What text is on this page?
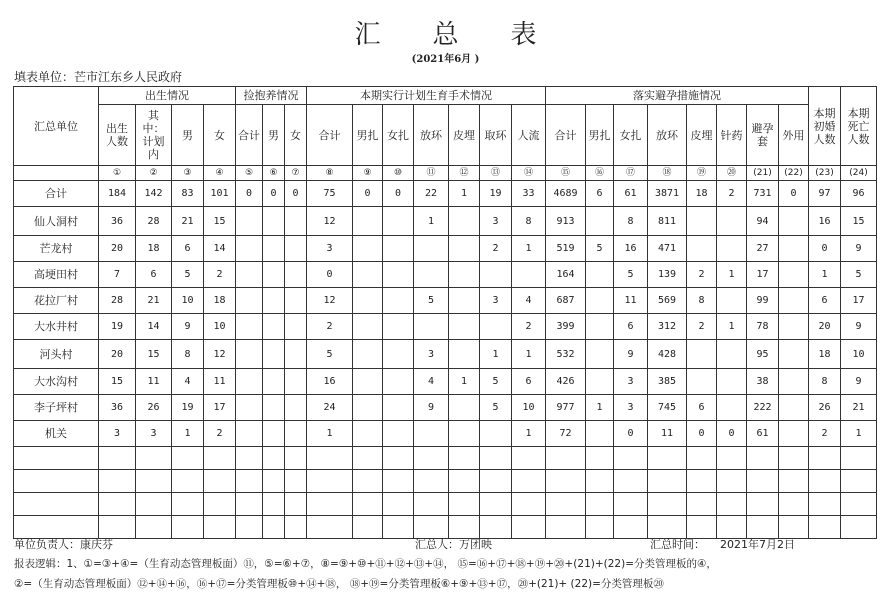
汇 总 表
(2021年6月 )
填表单位：芒市江东乡人民政府
汇总单位	出生情况				捡抱养情况			本期实行计划生育手术情况							落实避孕措施情况								本期初婚人数	本期死亡人数
	出生人数	其中：计划内	男	女	合计	男	女	合计	男扎	女扎	放环	皮埋	取环	人流	合计	男扎	女扎	放环	皮埋	针药	避孕套	外用		
	①	②	③	④	⑤	⑥	⑦	⑧	⑨	⑩	⑪	⑫	⑬	⑭	⑮	⑯	⑰	⑱	⑲	⑳	(21)	(22)	(23)	(24)
合计	184	142	83	101	0	0	0	75	0	0	22	1	19	33	4689	6	61	3871	18	2	731	0	97	96
仙人洞村	36	28	21	15				12			1		3	8	913		8	811			94		16	15
芒龙村	20	18	6	14				3					2	1	519	5	16	471			27		0	9
高埂田村	7	6	5	2				0							164		5	139	2	1	17		1	5
花拉厂村	28	21	10	18				12			5		3	4	687		11	569	8		99		6	17
大水井村	19	14	9	10				2						2	399		6	312	2	1	78		20	9
河头村	20	15	8	12				5			3		1	1	532		9	428			95		18	10
大水沟村	15	11	4	11				16			4	1	5	6	426		3	385			38		8	9
李子坪村	36	26	19	17				24			9		5	10	977	1	3	745	6		222		26	21
机关	3	3	1	2				1						1	72		0	11	0	0	61		2	1

单位负责人：康庆芬	汇总人：万团映	汇总时间： 2021年7月2日
报表逻辑：1、①=③+④=（生育动态管理板面）⑪，⑤=⑥+⑦，⑧=⑨+⑩+⑪+⑫+⑬+⑭， ⑮=⑯+⑰+⑱+⑲+⑳+(21)+(22)=分类管理板的④，
②=（生育动态管理板面）⑫+⑭+⑯，⑯+⑰=分类管理板⑩+⑭+⑱， ⑱+⑲=分类管理板⑥+⑨+⑬+⑰，⑳+(21)+ (22)=分类管理板⑳
